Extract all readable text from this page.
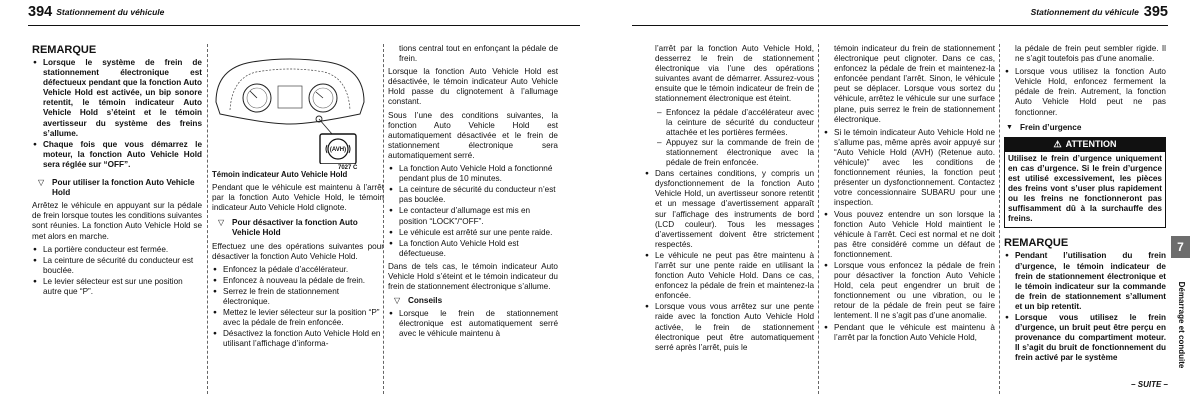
394 Stationnement du véhicule	Stationnement du véhicule 395
REMARQUE
● Lorsque le système de frein de stationnement électronique est défectueux pendant que la fonction Auto Vehicle Hold est activée, un bip sonore retentit, le témoin indicateur Auto Vehicle Hold s’éteint et le témoin avertisseur du système des freins s’allume.
● Chaque fois que vous démarrez le moteur, la fonction Auto Vehicle Hold sera réglée sur “OFF”.
▽ Pour utiliser la fonction Auto Vehicle Hold

Arrêtez le véhicule en appuyant sur la pédale de frein lorsque toutes les conditions suivantes sont réunies. La fonction Auto Vehicle Hold se met alors en marche.

● La portière conducteur est fermée.
● La ceinture de sécurité du conducteur est bouclée.
● Le levier sélecteur est sur une position autre que “P”.
(AVH)
7027 C
Témoin indicateur Auto Vehicle Hold

Pendant que le véhicule est maintenu à l’arrêt par la fonction Auto Vehicle Hold, le témoin indicateur Auto Vehicle Hold clignote.

▽ Pour désactiver la fonction Auto Vehicle Hold

Effectuez une des opérations suivantes pour désactiver la fonction Auto Vehicle Hold.

● Enfoncez la pédale d’accélérateur.
● Enfoncez à nouveau la pédale de frein.
● Serrez le frein de stationnement électronique.
● Mettez le levier sélecteur sur la position “P” avec la pédale de frein enfoncée.
● Désactivez la fonction Auto Vehicle Hold en utilisant l’affichage d’informa-

tions central tout en enfonçant la pédale de frein.

Lorsque la fonction Auto Vehicle Hold est désactivée, le témoin indicateur Auto Vehicle Hold passe du clignotement à l’allumage constant.

Sous l’une des conditions suivantes, la fonction Auto Vehicle Hold est automatiquement désactivée et le frein de stationnement électronique sera automatiquement serré.

● La fonction Auto Vehicle Hold a fonctionné pendant plus de 10 minutes.
● La ceinture de sécurité du conducteur n’est pas bouclée.
● Le contacteur d’allumage est mis en position “LOCK”/“OFF”.
● Le véhicule est arrêté sur une pente raide.
● La fonction Auto Vehicle Hold est défectueuse.

Dans de tels cas, le témoin indicateur Auto Vehicle Hold s’éteint et le témoin indicateur du frein de stationnement électronique s’allume.

▽ Conseils
● Lorsque le frein de stationnement électronique est automatiquement serré avec le véhicule maintenu à

l’arrêt par la fonction Auto Vehicle Hold, desserrez le frein de stationnement électronique via l’une des opérations suivantes avant de démarrer. Assurez-vous ensuite que le témoin indicateur de frein de stationnement électronique est éteint.

– Enfoncez la pédale d’accélérateur avec la ceinture de sécurité du conducteur attachée et les portières fermées.
– Appuyez sur la commande de frein de stationnement électronique avec la pédale de frein enfoncée.
● Dans certaines conditions, y compris un dysfonctionnement de la fonction Auto Vehicle Hold, un avertisseur sonore retentit et un message d’avertissement apparaît sur l’affichage des instruments de bord (LCD couleur). Tous les messages d’avertissement doivent être strictement respectés.
● Le véhicule ne peut pas être maintenu à l’arrêt sur une pente raide en utilisant la fonction Auto Vehicle Hold. Dans ce cas, enfoncez la pédale de frein et maintenez-la enfoncée.
● Lorsque vous vous arrêtez sur une pente raide avec la fonction Auto Vehicle Hold activée, le frein de stationnement électronique peut être automatiquement serré après l’arrêt, puis le

témoin indicateur du frein de stationnement électronique peut clignoter. Dans ce cas, enfoncez la pédale de frein et maintenez-la enfoncée pendant l’arrêt. Sinon, le véhicule peut se déplacer. Lorsque vous sortez du véhicule, arrêtez le véhicule sur une surface plane, puis serrez le frein de stationnement électronique.

● Si le témoin indicateur Auto Vehicle Hold ne s’allume pas, même après avoir appuyé sur “Auto Vehicle Hold (AVH) (Retenue auto. véhicule)” avec les conditions de fonctionnement réunies, la fonction peut présenter un dysfonctionnement. Contactez votre concessionnaire SUBARU pour une inspection.
● Vous pouvez entendre un son lorsque la fonction Auto Vehicle Hold maintient le véhicule à l’arrêt. Ceci est normal et ne doit pas être considéré comme un défaut de fonctionnement.
● Lorsque vous enfoncez la pédale de frein pour désactiver la fonction Auto Vehicle Hold, cela peut engendrer un bruit de fonctionnement ou une vibration, ou le retour de la pédale de frein peut se faire lentement. Il ne s’agit pas d’une anomalie.
● Pendant que le véhicule est maintenu à l’arrêt par la fonction Auto Vehicle Hold,

la pédale de frein peut sembler rigide. Il ne s’agit toutefois pas d’une anomalie.

● Lorsque vous utilisez la fonction Auto Vehicle Hold, enfoncez fermement la pédale de frein. Autrement, la fonction Auto Vehicle Hold peut ne pas fonctionner.
▼ Frein d’urgence
⚠ ATTENTION
Utilisez le frein d’urgence uniquement en cas d’urgence. Si le frein d’urgence est utilisé excessivement, les pièces des freins vont s’user plus rapidement ou les freins ne fonctionneront pas suffisamment dû à la surchauffe des freins.
REMARQUE
● Pendant l’utilisation du frein d’urgence, le témoin indicateur de frein de stationnement électronique et le témoin indicateur sur la commande de frein de stationnement s’allument et un bip retentit.
● Lorsque vous utilisez le frein d’urgence, un bruit peut être perçu en provenance du compartiment moteur. Il s’agit du bruit de fonctionnement du frein activé par le système
– SUITE –
7
Démarrage et conduite
